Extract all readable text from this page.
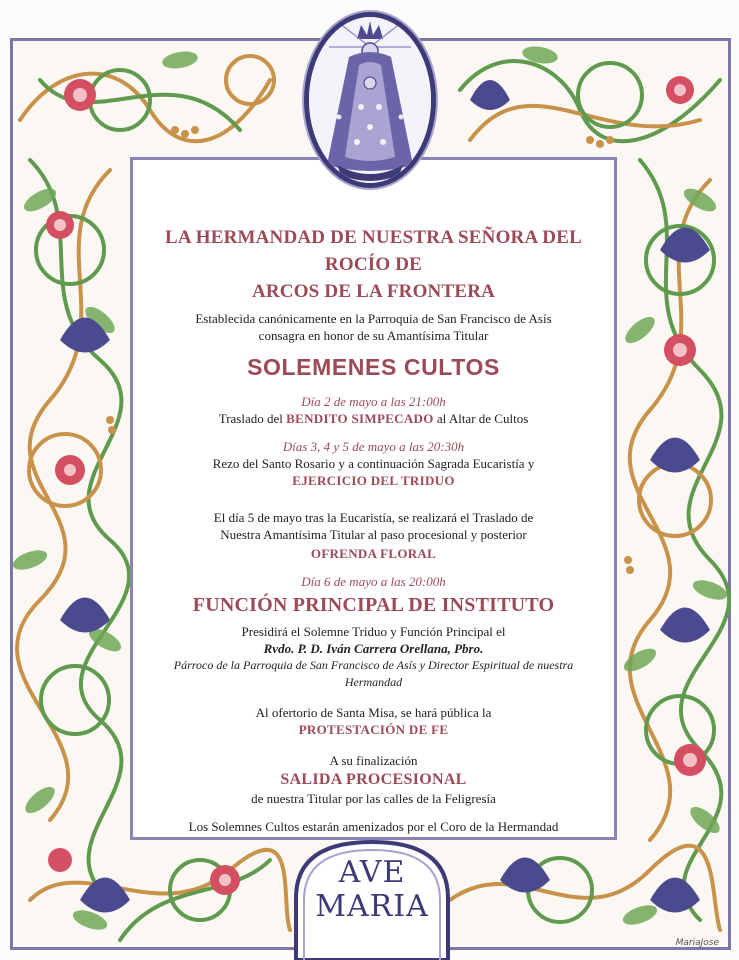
LA HERMANDAD DE NUESTRA SEÑORA DEL ROCÍO DE
ARCOS DE LA FRONTERA
Establecida canónicamente en la Parroquia de San Francisco de Asís
consagra en honor de su Amantísima Titular
SOLEMENES CULTOS
Día 2 de mayo a las 21:00h
Traslado del BENDITO SIMPECADO al Altar de Cultos
Días 3, 4 y 5 de mayo a las 20:30h
Rezo del Santo Rosario y a continuación Sagrada Eucaristía y
EJERCICIO DEL TRIDUO
El día 5 de mayo tras la Eucaristía, se realizará el Traslado de
Nuestra Amantísima Titular al paso procesional y posterior
OFRENDA FLORAL
Día 6 de mayo a las 20:00h
FUNCIÓN PRINCIPAL DE INSTITUTO
Presidirá el Solemne Triduo y Función Principal el
Rvdo. P. D. Iván Carrera Orellana, Pbro.
Párroco de la Parroquia de San Francisco de Asís y Director Espiritual de nuestra
Hermandad
Al ofertorio de Santa Misa, se hará pública la
PROTESTACIÓN DE FE
A su finalización
SALIDA PROCESIONAL
de nuestra Titular por las calles de la Feligresía
Los Solemnes Cultos estarán amenizados por el Coro de la Hermandad
AVE
MARIA
MariaJose
